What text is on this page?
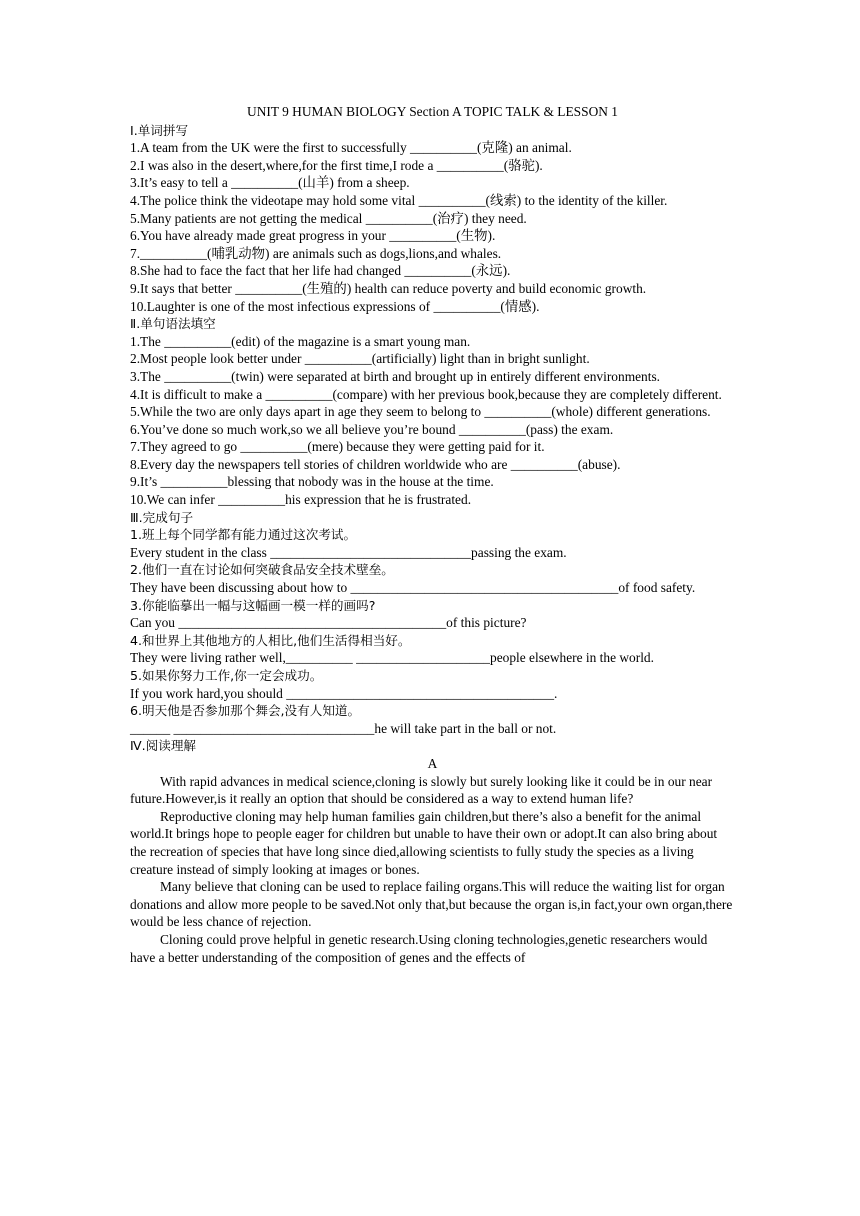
UNIT 9 HUMAN BIOLOGY Section A TOPIC TALK & LESSON 1
Ⅰ.单词拼写
1.A team from the UK were the first to successfully __________(克隆) an animal.
2.I was also in the desert,where,for the first time,I rode a __________(骆驼).
3.It’s easy to tell a __________(山羊) from a sheep.
4.The police think the videotape may hold some vital __________(线索) to the identity of the killer.
5.Many patients are not getting the medical __________(治疗) they need.
6.You have already made great progress in your __________(生物).
7.__________(哺乳动物) are animals such as dogs,lions,and whales.
8.She had to face the fact that her life had changed __________(永远).
9.It says that better __________(生殖的) health can reduce poverty and build economic growth.
10.Laughter is one of the most infectious expressions of __________(情感).
Ⅱ.单句语法填空
1.The __________(edit) of the magazine is a smart young man.
2.Most people look better under __________(artificially) light than in bright sunlight.
3.The __________(twin) were separated at birth and brought up in entirely different environments.
4.It is difficult to make a __________(compare) with her previous book,because they are completely different.
5.While the two are only days apart in age they seem to belong to __________(whole) different generations.
6.You’ve done so much work,so we all believe you’re bound __________(pass) the exam.
7.They agreed to go __________(mere) because they were getting paid for it.
8.Every day the newspapers tell stories of children worldwide who are __________(abuse).
9.It’s __________blessing that nobody was in the house at the time.
10.We can infer __________his expression that he is frustrated.
Ⅲ.完成句子
1.班上每个同学都有能力通过这次考试。
Every student in the class ______________________________passing the exam.
2.他们一直在讨论如何突破食品安全技术壁垒。
They have been discussing about how to ________________________________________of food safety.
3.你能临摹出一幅与这幅画一模一样的画吗?
Can you ________________________________________of this picture?
4.和世界上其他地方的人相比,他们生活得相当好。
They were living rather well,__________ ____________________people elsewhere in the world.
5.如果你努力工作,你一定会成功。
If you work hard,you should ________________________________________.
6.明天他是否参加那个舞会,没有人知道。
______ ______________________________he will take part in the ball or not.
Ⅳ.阅读理解
A
With rapid advances in medical science,cloning is slowly but surely looking like it could be in our near future.However,is it really an option that should be considered as a way to extend human life?
Reproductive cloning may help human families gain children,but there’s also a benefit for the animal world.It brings hope to people eager for children but unable to have their own or adopt.It can also bring about the recreation of species that have long since died,allowing scientists to fully study the species as a living creature instead of simply looking at images or bones.
Many believe that cloning can be used to replace failing organs.This will reduce the waiting list for organ donations and allow more people to be saved.Not only that,but because the organ is,in fact,your own organ,there would be less chance of rejection.
Cloning could prove helpful in genetic research.Using cloning technologies,genetic researchers would have a better understanding of the composition of genes and the effects of
